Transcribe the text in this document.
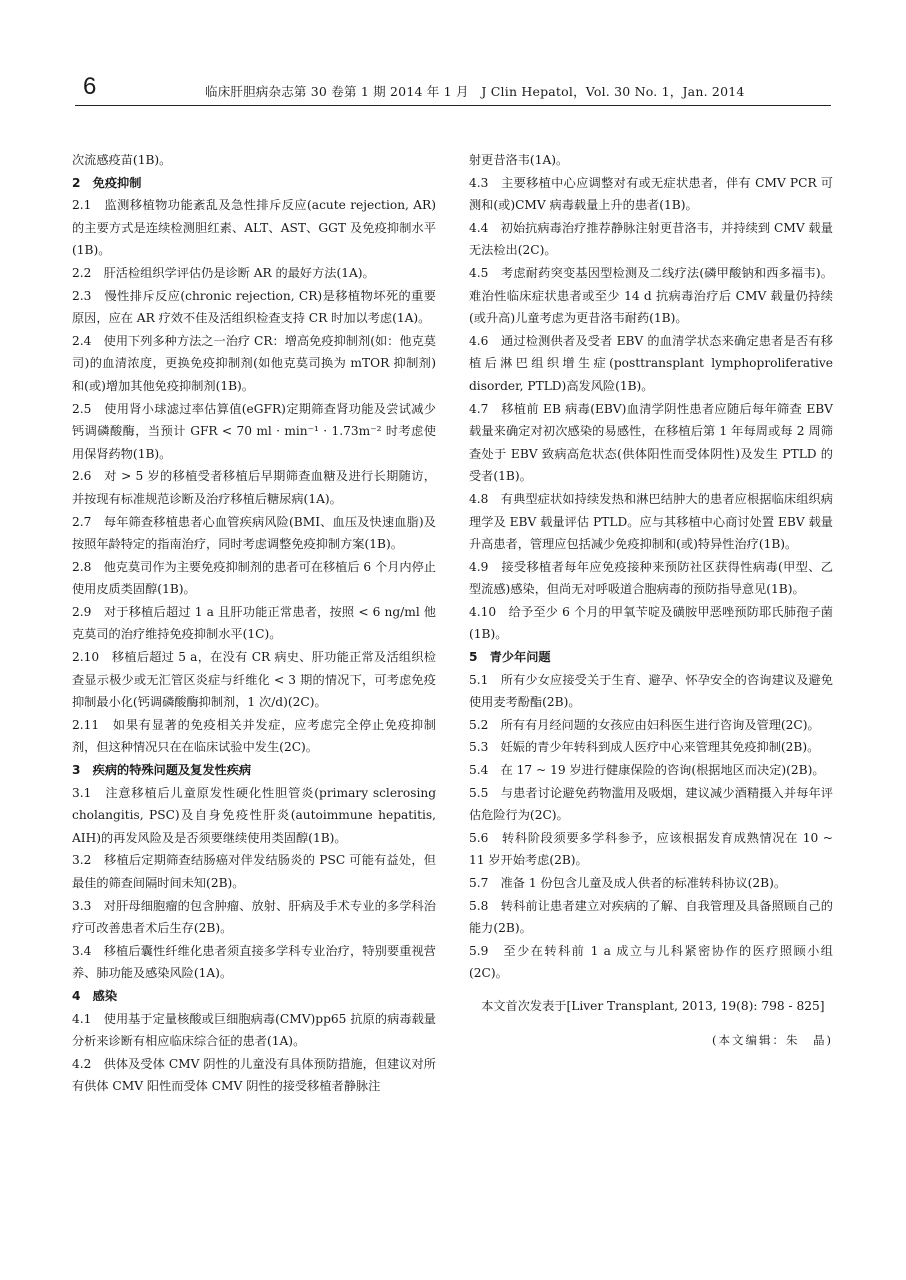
6	临床肝胆病杂志第 30 卷第 1 期 2014 年 1 月　J Clin Hepatol，Vol. 30 No. 1，Jan. 2014

次流感疫苗(1B)。

2　免疫抑制

2.1　监测移植物功能紊乱及急性排斥反应(acute rejection, AR)的主要方式是连续检测胆红素、ALT、AST、GGT 及免疫抑制水平(1B)。

2.2　肝活检组织学评估仍是诊断 AR 的最好方法(1A)。

2.3　慢性排斥反应(chronic rejection, CR)是移植物坏死的重要原因，应在 AR 疗效不佳及活组织检查支持 CR 时加以考虑(1A)。

2.4　使用下列多种方法之一治疗 CR：增高免疫抑制剂(如：他克莫司)的血清浓度，更换免疫抑制剂(如他克莫司换为 mTOR 抑制剂)和(或)增加其他免疫抑制剂(1B)。

2.5　使用肾小球滤过率估算值(eGFR)定期筛查肾功能及尝试减少钙调磷酸酶，当预计 GFR < 70 ml · min⁻¹ · 1.73m⁻² 时考虑使用保肾药物(1B)。

2.6　对 > 5 岁的移植受者移植后早期筛查血糖及进行长期随访，并按现有标准规范诊断及治疗移植后糖尿病(1A)。

2.7　每年筛查移植患者心血管疾病风险(BMI、血压及快速血脂)及按照年龄特定的指南治疗，同时考虑调整免疫抑制方案(1B)。

2.8　他克莫司作为主要免疫抑制剂的患者可在移植后 6 个月内停止使用皮质类固醇(1B)。

2.9　对于移植后超过 1 a 且肝功能正常患者，按照 < 6 ng/ml 他克莫司的治疗维持免疫抑制水平(1C)。

2.10　移植后超过 5 a，在没有 CR 病史、肝功能正常及活组织检查显示极少或无汇管区炎症与纤维化 < 3 期的情况下，可考虑免疫抑制最小化(钙调磷酸酶抑制剂，1 次/d)(2C)。

2.11　如果有显著的免疫相关并发症，应考虑完全停止免疫抑制剂，但这种情况只在在临床试验中发生(2C)。

3　疾病的特殊问题及复发性疾病

3.1　注意移植后儿童原发性硬化性胆管炎(primary sclerosing cholangitis, PSC)及自身免疫性肝炎(autoimmune hepatitis, AIH)的再发风险及是否须要继续使用类固醇(1B)。

3.2　移植后定期筛查结肠癌对伴发结肠炎的 PSC 可能有益处，但最佳的筛查间隔时间未知(2B)。

3.3　对肝母细胞瘤的包含肿瘤、放射、肝病及手术专业的多学科治疗可改善患者术后生存(2B)。

3.4　移植后囊性纤维化患者须直接多学科专业治疗，特别要重视营养、肺功能及感染风险(1A)。

4　感染

4.1　使用基于定量核酸或巨细胞病毒(CMV)pp65 抗原的病毒载量分析来诊断有相应临床综合征的患者(1A)。

4.2　供体及受体 CMV 阴性的儿童没有具体预防措施，但建议对所有供体 CMV 阳性而受体 CMV 阴性的接受移植者静脉注

射更昔洛韦(1A)。

4.3　主要移植中心应调整对有或无症状患者，伴有 CMV PCR 可测和(或)CMV 病毒载量上升的患者(1B)。

4.4　初始抗病毒治疗推荐静脉注射更昔洛韦，并持续到 CMV 载量无法检出(2C)。

4.5　考虑耐药突变基因型检测及二线疗法(磷甲酸钠和西多福韦)。难治性临床症状患者或至少 14 d 抗病毒治疗后 CMV 载量仍持续(或升高)儿童考虑为更昔洛韦耐药(1B)。

4.6　通过检测供者及受者 EBV 的血清学状态来确定患者是否有移植后淋巴组织增生症(posttransplant lymphoproliferative disorder, PTLD)高发风险(1B)。

4.7　移植前 EB 病毒(EBV)血清学阴性患者应随后每年筛查 EBV 载量来确定对初次感染的易感性，在移植后第 1 年每周或每 2 周筛查处于 EBV 致病高危状态(供体阳性而受体阴性)及发生 PTLD 的受者(1B)。

4.8　有典型症状如持续发热和淋巴结肿大的患者应根据临床组织病理学及 EBV 载量评估 PTLD。应与其移植中心商讨处置 EBV 载量升高患者，管理应包括减少免疫抑制和(或)特异性治疗(1B)。

4.9　接受移植者每年应免疫接种来预防社区获得性病毒(甲型、乙型流感)感染，但尚无对呼吸道合胞病毒的预防指导意见(1B)。

4.10　给予至少 6 个月的甲氧苄啶及磺胺甲恶唑预防耶氏肺孢子菌(1B)。

5　青少年问题

5.1　所有少女应接受关于生育、避孕、怀孕安全的咨询建议及避免使用麦考酚酯(2B)。

5.2　所有有月经问题的女孩应由妇科医生进行咨询及管理(2C)。

5.3　妊娠的青少年转科到成人医疗中心来管理其免疫抑制(2B)。

5.4　在 17 ~ 19 岁进行健康保险的咨询(根据地区而决定)(2B)。

5.5　与患者讨论避免药物滥用及吸烟，建议减少酒精摄入并每年评估危险行为(2C)。

5.6　转科阶段须要多学科参予，应该根据发育成熟情况在 10 ~ 11 岁开始考虑(2B)。

5.7　准备 1 份包含儿童及成人供者的标准转科协议(2B)。

5.8　转科前让患者建立对疾病的了解、自我管理及具备照顾自己的能力(2B)。

5.9　至少在转科前 1 a 成立与儿科紧密协作的医疗照顾小组(2C)。

本文首次发表于[Liver Transplant, 2013, 19(8): 798 - 825]

(本文编辑：朱　晶)
